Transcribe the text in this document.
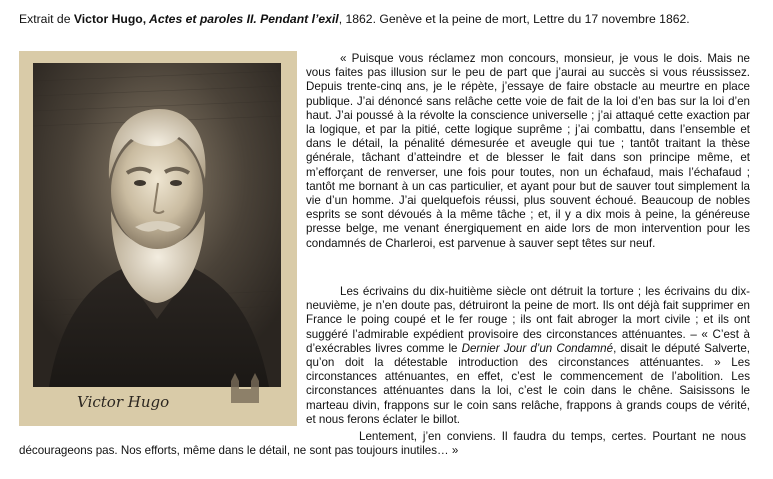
Extrait de Victor Hugo, Actes et paroles II. Pendant l’exil, 1862. Genève et la peine de mort, Lettre du 17 novembre 1862.
Victor Hugo

« Puisque vous réclamez mon concours, monsieur, je vous le dois. Mais ne vous faites pas illusion sur le peu de part que j’aurai au succès si vous réussissez. Depuis trente-cinq ans, je le répète, j’essaye de faire obstacle au meurtre en place publique. J’ai dénoncé sans relâche cette voie de fait de la loi d’en bas sur la loi d’en haut. J’ai poussé à la révolte la conscience universelle ; j’ai attaqué cette exaction par la logique, et par la pitié, cette logique suprême ; j’ai combattu, dans l’ensemble et dans le détail, la pénalité démesurée et aveugle qui tue ; tantôt traitant la thèse générale, tâchant d’atteindre et de blesser le fait dans son principe même, et m’efforçant de renverser, une fois pour toutes, non un échafaud, mais l’échafaud ; tantôt me bornant à un cas particulier, et ayant pour but de sauver tout simplement la vie d’un homme. J’ai quelquefois réussi, plus souvent échoué. Beaucoup de nobles esprits se sont dévoués à la même tâche ; et, il y a dix mois à peine, la généreuse presse belge, me venant énergiquement en aide lors de mon intervention pour les condamnés de Charleroi, est parvenue à sauver sept têtes sur neuf.

Les écrivains du dix-huitième siècle ont détruit la torture ; les écrivains du dix-neuvième, je n’en doute pas, détruiront la peine de mort. Ils ont déjà fait supprimer en France le poing coupé et le fer rouge ; ils ont fait abroger la mort civile ; et ils ont suggéré l’admirable expédient provisoire des circonstances atténuantes. – « C’est à d’exécrables livres comme le Dernier Jour d’un Condamné, disait le député Salverte, qu’on doit la détestable introduction des circonstances atténuantes. » Les circonstances atténuantes, en effet, c’est le commencement de l’abolition. Les circonstances atténuantes dans la loi, c’est le coin dans le chêne. Saisissons le marteau divin, frappons sur le coin sans relâche, frappons à grands coups de vérité, et nous ferons éclater le billot.

Lentement, j’en conviens. Il faudra du temps, certes. Pourtant ne nous décourageons pas. Nos efforts, même dans le détail, ne sont pas toujours inutiles… »
